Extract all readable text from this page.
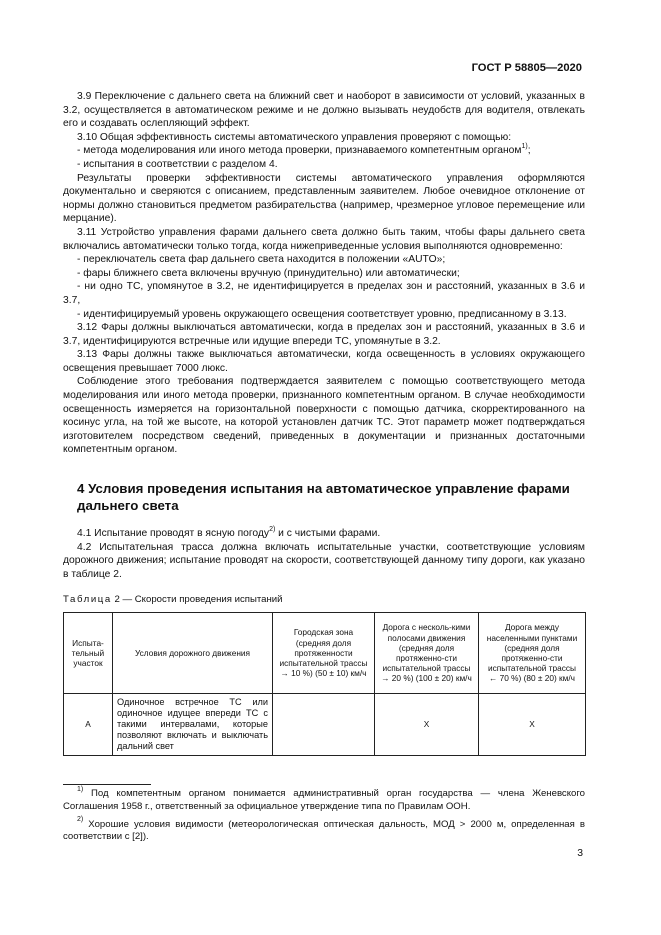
ГОСТ Р 58805—2020

3.9 Переключение с дальнего света на ближний свет и наоборот в зависимости от условий, указанных в 3.2, осуществляется в автоматическом режиме и не должно вызывать неудобств для водителя, отвлекать его и создавать ослепляющий эффект.

3.10 Общая эффективность системы автоматического управления проверяют с помощью:

- метода моделирования или иного метода проверки, признаваемого компетентным органом$^{1)}$;

- испытания в соответствии с разделом 4.

Результаты проверки эффективности системы автоматического управления оформляются документально и сверяются с описанием, представленным заявителем. Любое очевидное отклонение от нормы должно становиться предметом разбирательства (например, чрезмерное угловое перемещение или мерцание).

3.11 Устройство управления фарами дальнего света должно быть таким, чтобы фары дальнего света включались автоматически только тогда, когда нижеприведенные условия выполняются одновременно:

- переключатель света фар дальнего света находится в положении «AUTO»;

- фары ближнего света включены вручную (принудительно) или автоматически;

- ни одно ТС, упомянутое в 3.2, не идентифицируется в пределах зон и расстояний, указанных в 3.6 и 3.7,

- идентифицируемый уровень окружающего освещения соответствует уровню, предписанному в 3.13.

3.12 Фары должны выключаться автоматически, когда в пределах зон и расстояний, указанных в 3.6 и 3.7, идентифицируются встречные или идущие впереди ТС, упомянутые в 3.2.

3.13 Фары должны также выключаться автоматически, когда освещенность в условиях окружающего освещения превышает 7000 люкс.

Соблюдение этого требования подтверждается заявителем с помощью соответствующего метода моделирования или иного метода проверки, признанного компетентным органом. В случае необходимости освещенность измеряется на горизонтальной поверхности с помощью датчика, скорректированного на косинус угла, на той же высоте, на которой установлен датчик ТС. Этот параметр может подтверждаться изготовителем посредством сведений, приведенных в документации и признанных достаточными компетентным органом.

4 Условия проведения испытания на автоматическое управление фарами дальнего света

4.1 Испытание проводят в ясную погоду$^{2)}$ и с чистыми фарами.

4.2 Испытательная трасса должна включать испытательные участки, соответствующие условиям дорожного движения; испытание проводят на скорости, соответствующей данному типу дороги, как указано в таблице 2.

Таблица 2 — Скорости проведения испытаний

Испыта-тельный участок	Условия дорожного движения	Городская зона (средняя доля протяженности испытательной трассы → 10 %) (50 ± 10) км/ч	Дорога с несколь-кими полосами движения (средняя доля протяженно-сти испытательной трассы → 20 %) (100 ± 20) км/ч	Дорога между населенными пунктами (средняя доля протяженно-сти испытательной трассы ← 70 %) (80 ± 20) км/ч
A	Одиночное встречное ТС или одиночное идущее впереди ТС с такими интервалами, которые позволяют включать и выключать дальний свет		X	X

$^{1)}$ Под компетентным органом понимается административный орган государства — члена Женевского Соглашения 1958 г., ответственный за официальное утверждение типа по Правилам ООН.

$^{2)}$ Хорошие условия видимости (метеорологическая оптическая дальность, МОД > 2000 м, определенная в соответствии с [2]).

3
